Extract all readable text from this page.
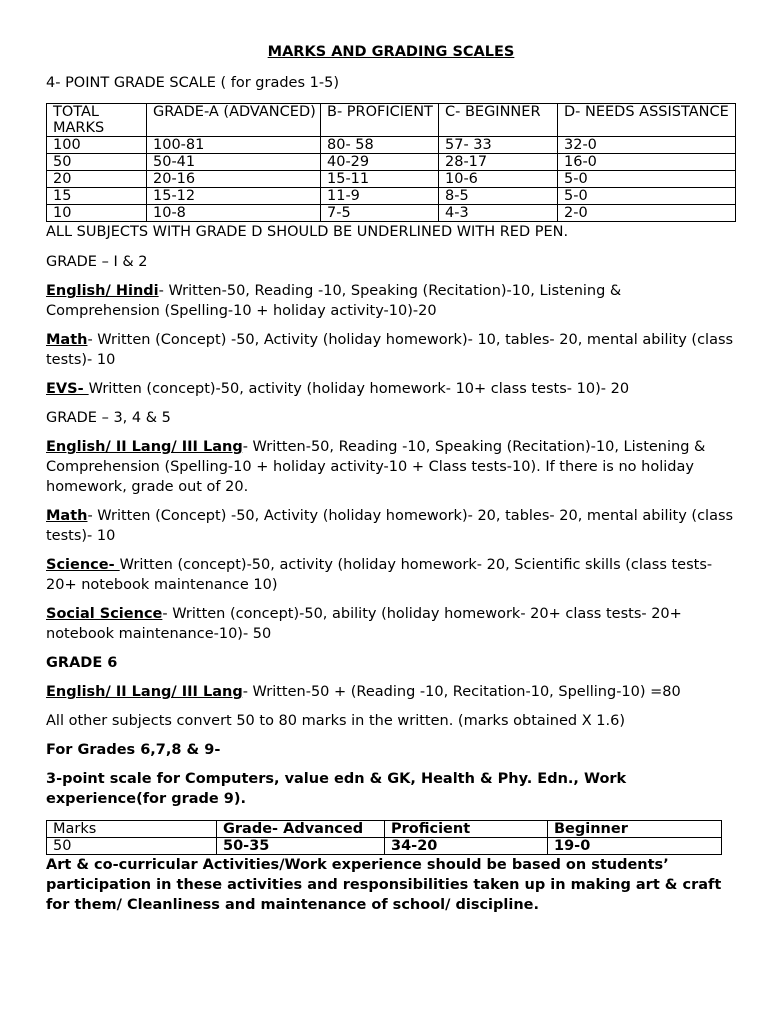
MARKS AND GRADING SCALES

4- POINT GRADE SCALE ( for grades 1-5)

TOTAL MARKS	GRADE-A (ADVANCED)	B- PROFICIENT	C- BEGINNER	D- NEEDS ASSISTANCE
100	100-81	80- 58	57- 33	32-0
50	50-41	40-29	28-17	16-0
20	20-16	15-11	10-6	5-0
15	15-12	11-9	8-5	5-0
10	10-8	7-5	4-3	2-0

ALL SUBJECTS WITH GRADE D SHOULD BE UNDERLINED WITH RED PEN.

GRADE – I & 2

English/ Hindi- Written-50, Reading -10, Speaking (Recitation)-10, Listening & Comprehension (Spelling-10 + holiday activity-10)-20

Math- Written (Concept) -50, Activity (holiday homework)- 10, tables- 20, mental ability (class tests)- 10

EVS- Written (concept)-50, activity (holiday homework- 10+ class tests- 10)- 20

GRADE – 3, 4 & 5

English/ II Lang/ III Lang- Written-50, Reading -10, Speaking (Recitation)-10, Listening & Comprehension (Spelling-10 + holiday activity-10 + Class tests-10). If there is no holiday homework, grade out of 20.

Math- Written (Concept) -50, Activity (holiday homework)- 20, tables- 20, mental ability (class tests)- 10

Science- Written (concept)-50, activity (holiday homework- 20, Scientific skills (class tests- 20+ notebook maintenance 10)

Social Science- Written (concept)-50, ability (holiday homework- 20+ class tests- 20+ notebook maintenance-10)- 50

GRADE 6

English/ II Lang/ III Lang- Written-50 + (Reading -10, Recitation-10, Spelling-10) =80

All other subjects convert 50 to 80 marks in the written. (marks obtained X 1.6)

For Grades 6,7,8 & 9-

3-point scale for Computers, value edn & GK, Health & Phy. Edn., Work experience(for grade 9).

Marks	Grade- Advanced	Proficient	Beginner
50	50-35	34-20	19-0

Art & co-curricular Activities/Work experience should be based on students’ participation in these activities and responsibilities taken up in making art & craft for them/ Cleanliness and maintenance of school/ discipline.
